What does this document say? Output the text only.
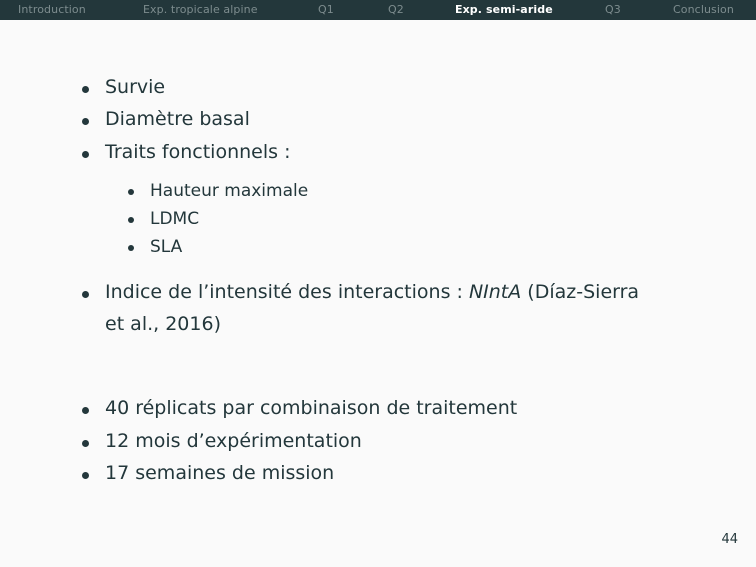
Introduction	Exp. tropicale alpine	Q1	Q2	Exp. semi-aride	Q3	Conclusion
Survie
Diamètre basal
Traits fonctionnels :
Hauteur maximale
LDMC
SLA
Indice de l’intensité des interactions : NIntA (Díaz-Sierra
et al., 2016)
40 réplicats par combinaison de traitement
12 mois d’expérimentation
17 semaines de mission
44
